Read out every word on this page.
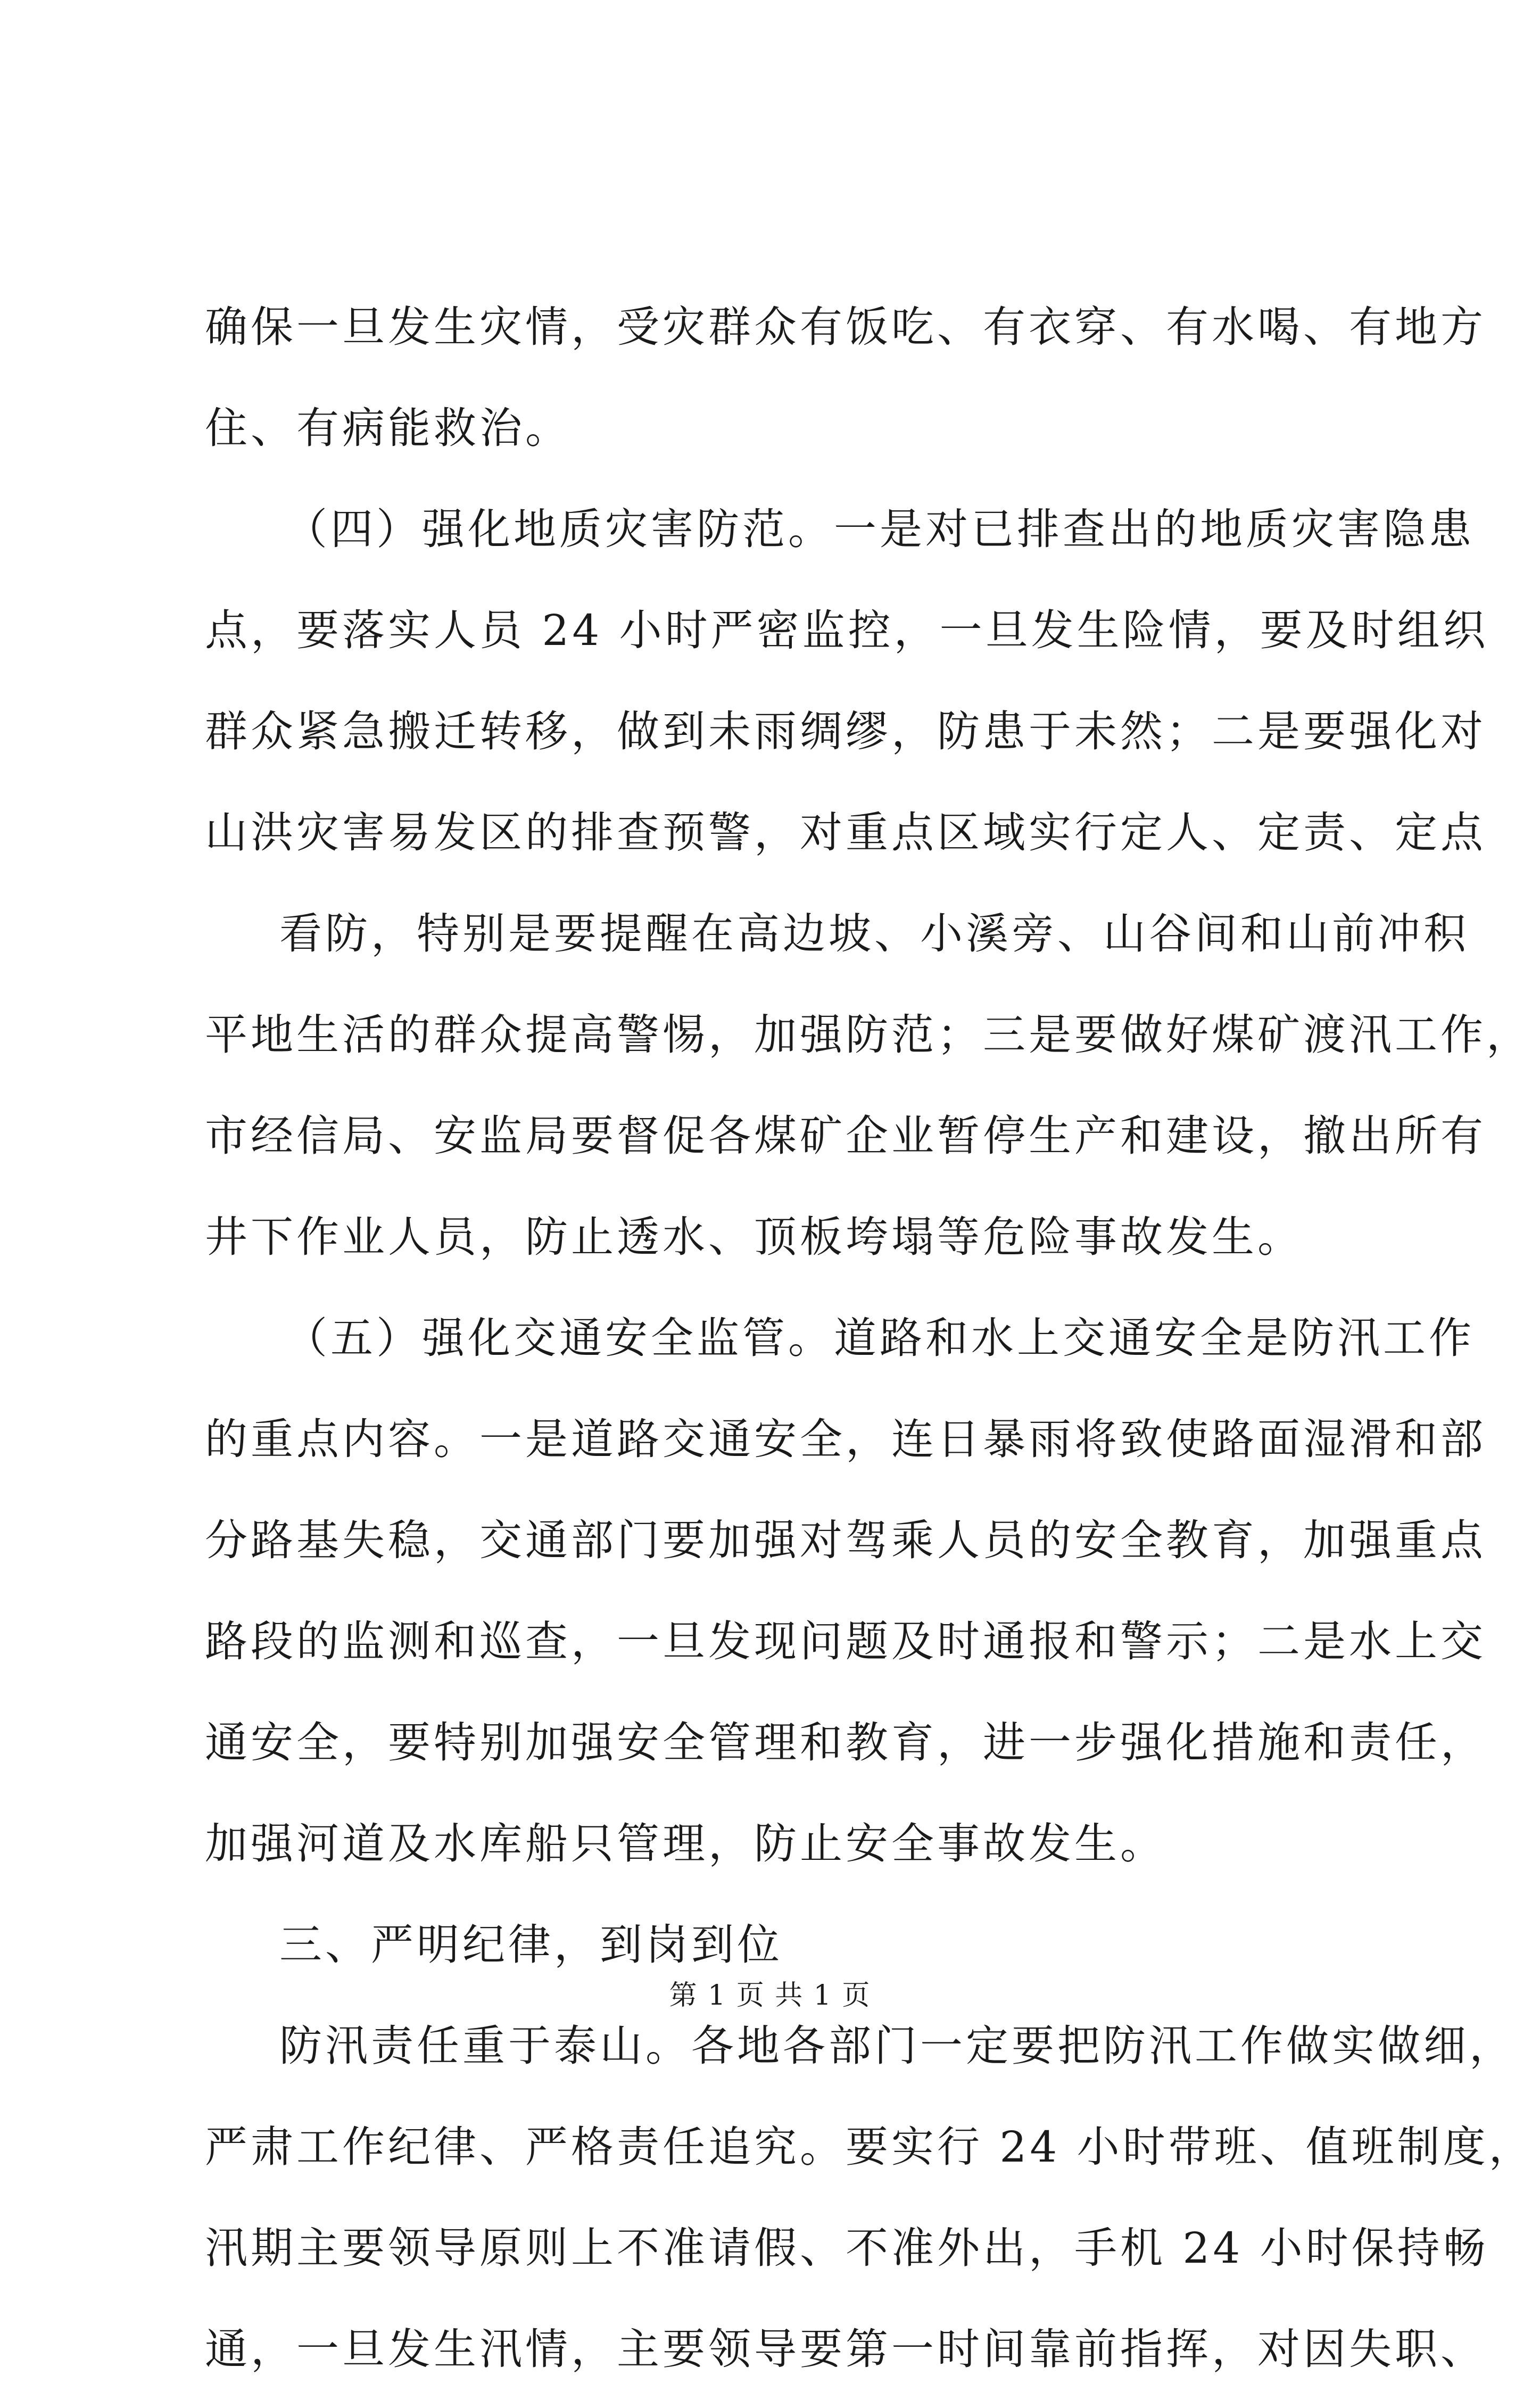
确保一旦发生灾情，受灾群众有饭吃、有衣穿、有水喝、有地方
住、有病能救治。
（四）强化地质灾害防范。一是对已排查出的地质灾害隐患
点，要落实人员 24 小时严密监控，一旦发生险情，要及时组织
群众紧急搬迁转移，做到未雨绸缪，防患于未然；二是要强化对
山洪灾害易发区的排查预警，对重点区域实行定人、定责、定点
看防，特别是要提醒在高边坡、小溪旁、山谷间和山前冲积
平地生活的群众提高警惕，加强防范；三是要做好煤矿渡汛工作，
市经信局、安监局要督促各煤矿企业暂停生产和建设，撤出所有
井下作业人员，防止透水、顶板垮塌等危险事故发生。
（五）强化交通安全监管。道路和水上交通安全是防汛工作
的重点内容。一是道路交通安全，连日暴雨将致使路面湿滑和部
分路基失稳，交通部门要加强对驾乘人员的安全教育，加强重点
路段的监测和巡查，一旦发现问题及时通报和警示；二是水上交
通安全，要特别加强安全管理和教育，进一步强化措施和责任，
加强河道及水库船只管理，防止安全事故发生。
三、严明纪律，到岗到位
防汛责任重于泰山。各地各部门一定要把防汛工作做实做细，
严肃工作纪律、严格责任追究。要实行 24 小时带班、值班制度，
汛期主要领导原则上不准请假、不准外出，手机 24 小时保持畅
通，一旦发生汛情，主要领导要第一时间靠前指挥，对因失职、
第 1 页 共 1 页
